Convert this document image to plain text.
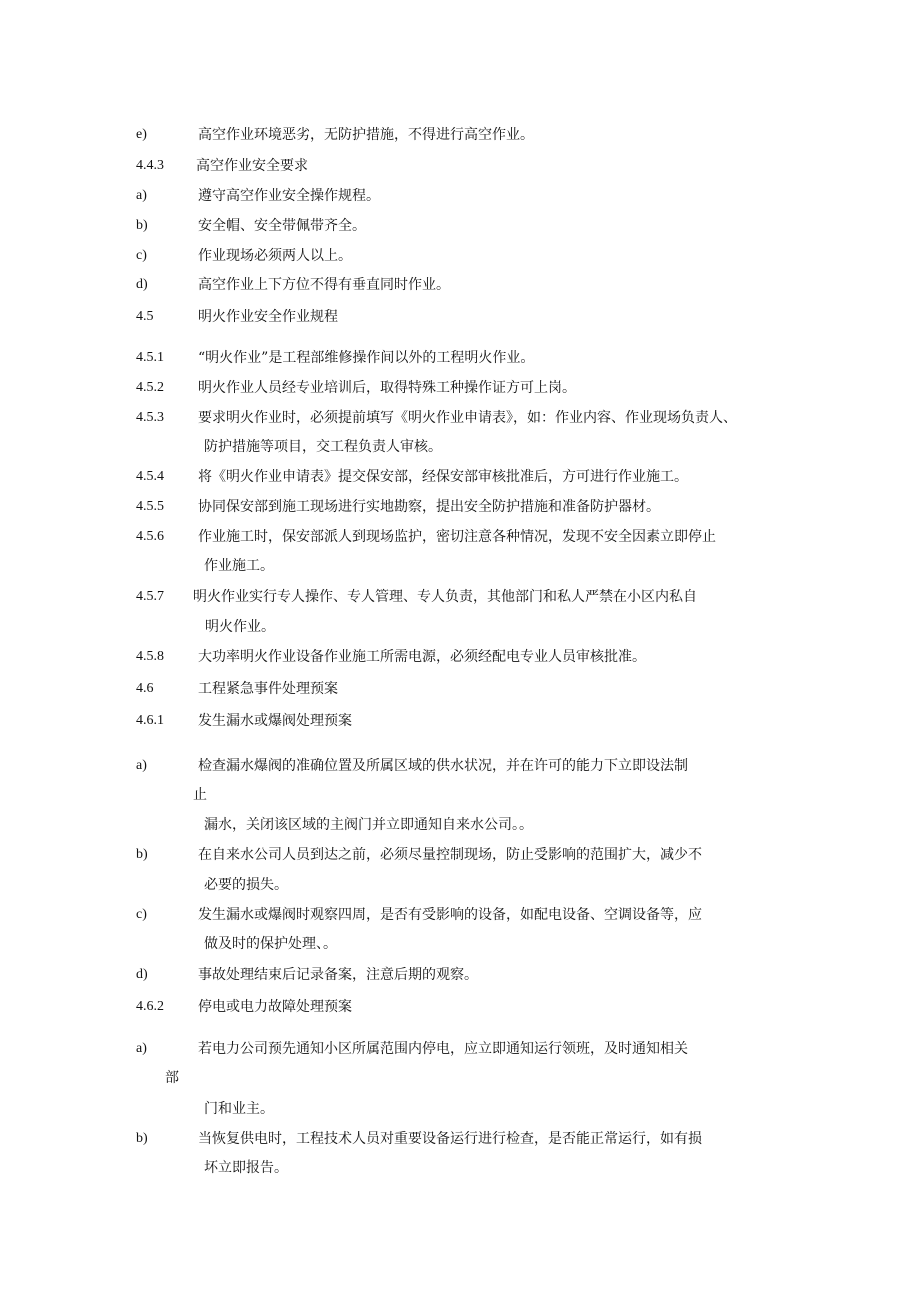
e)	高空作业环境恶劣，无防护措施，不得进行高空作业。
4.4.3 高空作业安全要求
a)	遵守高空作业安全操作规程。
b)	安全帽、安全带佩带齐全。
c)	作业现场必须两人以上。
d)	高空作业上下方位不得有垂直同时作业。
4.5	明火作业安全作业规程
4.5.1 “明火作业”是工程部维修操作间以外的工程明火作业。
4.5.2 明火作业人员经专业培训后，取得特殊工种操作证方可上岗。
4.5.3 要求明火作业时，必须提前填写《明火作业申请表》，如：作业内容、作业现场负责人、
防护措施等项目，交工程负责人审核。
4.5.4 将《明火作业申请表》提交保安部，经保安部审核批准后，方可进行作业施工。
4.5.5 协同保安部到施工现场进行实地勘察，提出安全防护措施和准备防护器材。
4.5.6 作业施工时，保安部派人到现场监护，密切注意各种情况，发现不安全因素立即停止
作业施工。
4.5.7 明火作业实行专人操作、专人管理、专人负责，其他部门和私人严禁在小区内私自
明火作业。
4.5.8 大功率明火作业设备作业施工所需电源，必须经配电专业人员审核批准。
4.6	工程紧急事件处理预案
4.6.1 发生漏水或爆阀处理预案
a)	检查漏水爆阀的准确位置及所属区域的供水状况，并在许可的能力下立即设法制
止
漏水，关闭该区域的主阀门并立即通知自来水公司。。
b)	在自来水公司人员到达之前，必须尽量控制现场，防止受影响的范围扩大，减少不
必要的损失。
c)	发生漏水或爆阀时观察四周，是否有受影响的设备，如配电设备、空调设备等，应
做及时的保护处理、。
d)	事故处理结束后记录备案，注意后期的观察。
4.6.2 停电或电力故障处理预案
a)	若电力公司预先通知小区所属范围内停电，应立即通知运行领班，及时通知相关
部
门和业主。
b)	当恢复供电时，工程技术人员对重要设备运行进行检查，是否能正常运行，如有损
坏立即报告。
